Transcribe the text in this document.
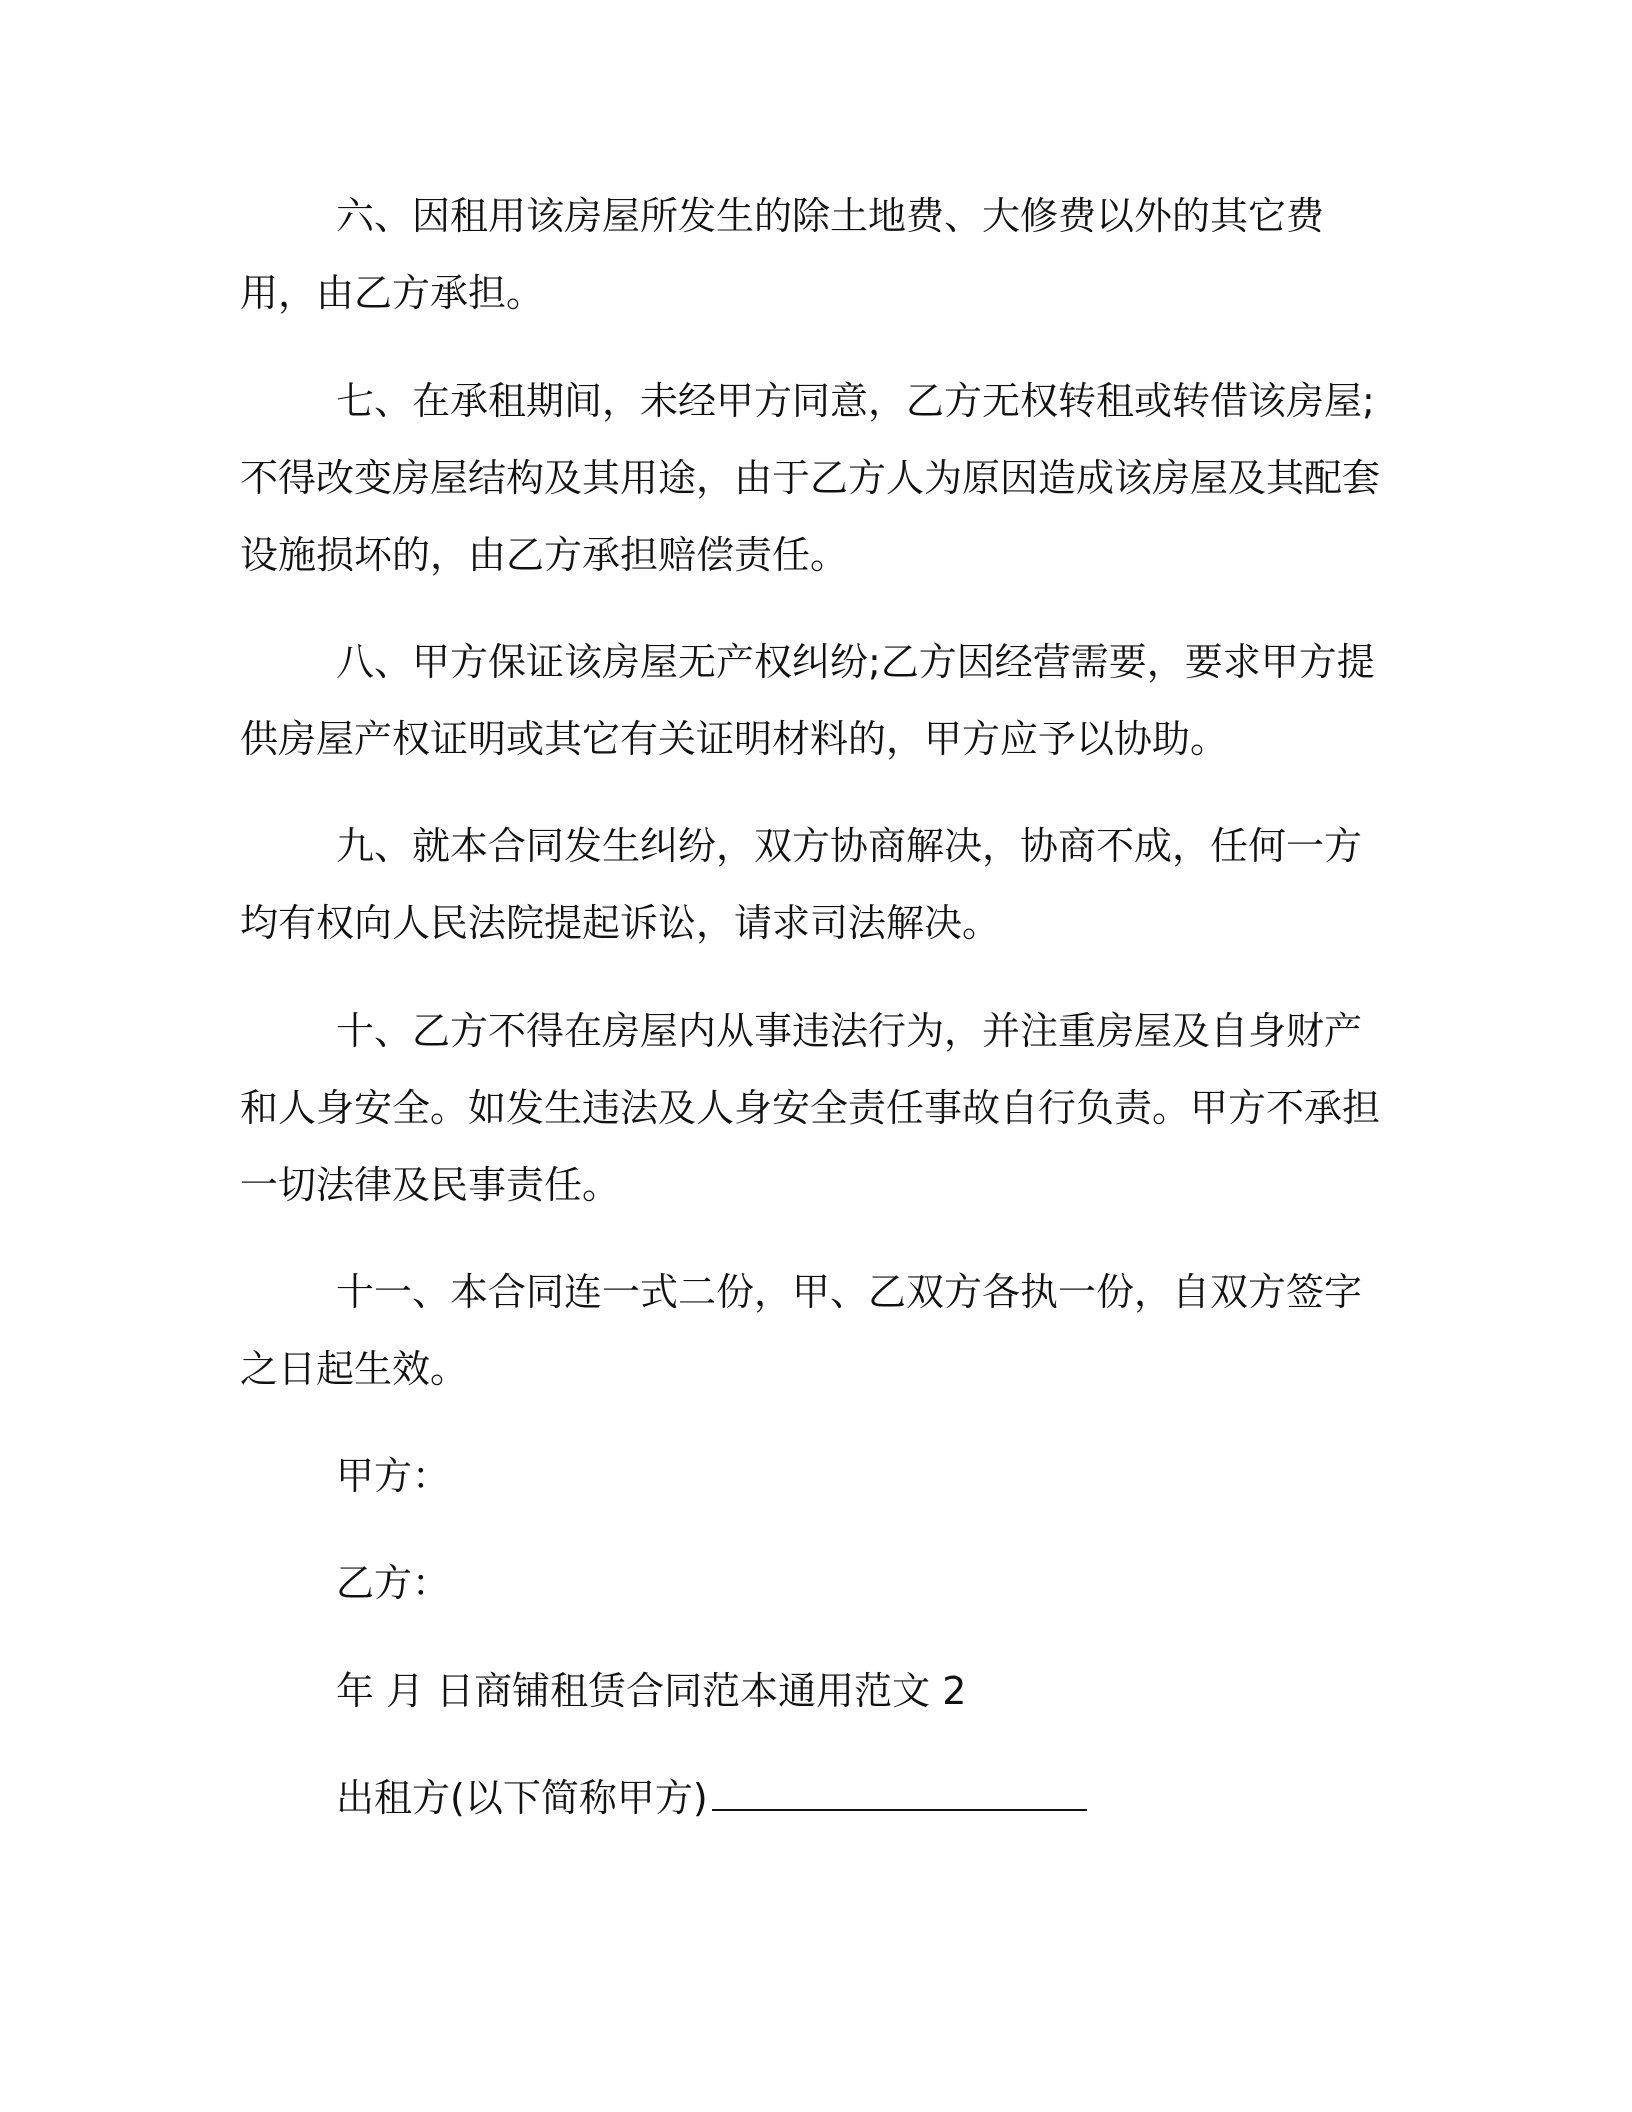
六、因租用该房屋所发生的除土地费、大修费以外的其它费用，由乙方承担。

七、在承租期间，未经甲方同意，乙方无权转租或转借该房屋;不得改变房屋结构及其用途，由于乙方人为原因造成该房屋及其配套设施损坏的，由乙方承担赔偿责任。

八、甲方保证该房屋无产权纠纷;乙方因经营需要，要求甲方提供房屋产权证明或其它有关证明材料的，甲方应予以协助。

九、就本合同发生纠纷，双方协商解决，协商不成，任何一方均有权向人民法院提起诉讼，请求司法解决。

十、乙方不得在房屋内从事违法行为，并注重房屋及自身财产和人身安全。如发生违法及人身安全责任事故自行负责。甲方不承担一切法律及民事责任。

十一、本合同连一式二份，甲、乙双方各执一份，自双方签字之日起生效。

甲方：

乙方：

年 月 日商铺租赁合同范本通用范文 2

出租方(以下简称甲方)
